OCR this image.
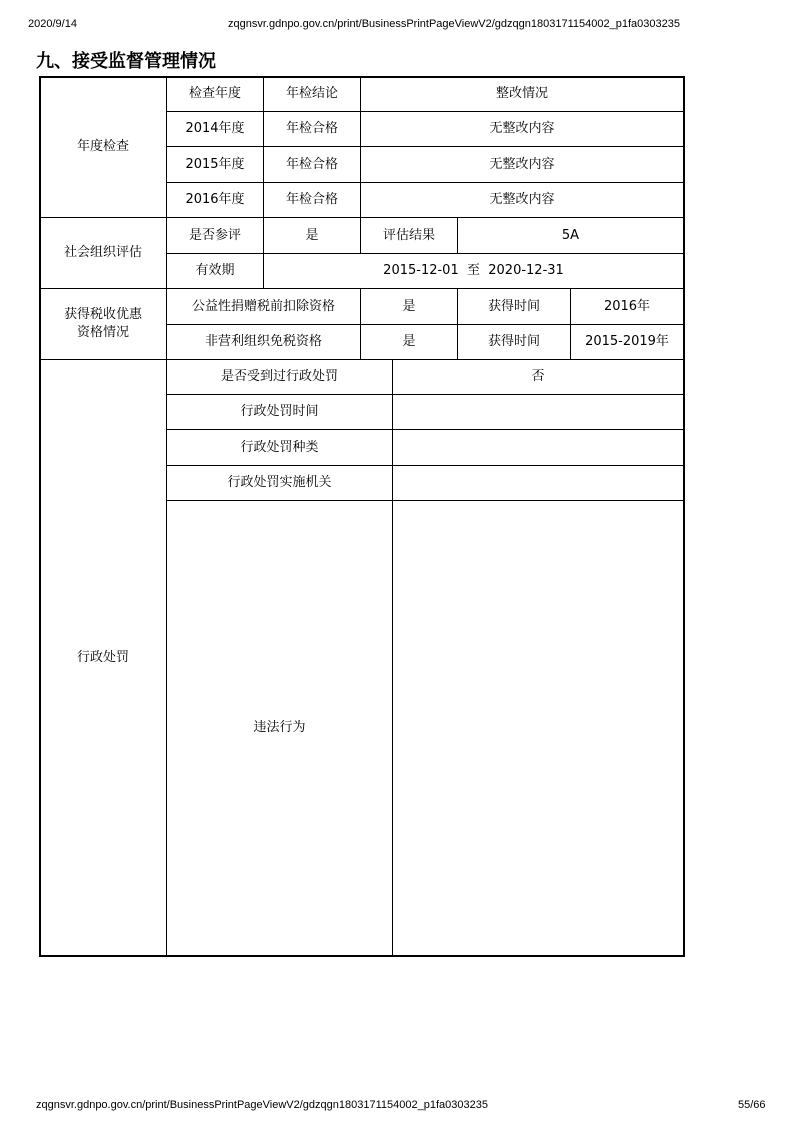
2020/9/14	zqgnsvr.gdnpo.gov.cn/print/BusinessPrintPageViewV2/gdzqgn1803171154002_p1fa0303235
zqgnsvr.gdnpo.gov.cn/print/BusinessPrintPageViewV2/gdzqgn1803171154002_p1fa0303235	55/66
九、接受监督管理情况
年度检查
检查年度	年检结论	整改情况
2014年度	年检合格	无整改内容
2015年度	年检合格	无整改内容
2016年度	年检合格	无整改内容
社会组织评估
是否参评	是	评估结果	5A
有效期	2015-12-01  至  2020-12-31
获得税收优惠资格情况
公益性捐赠税前扣除资格	是	获得时间	2016年
非营利组织免税资格	是	获得时间	2015-2019年
行政处罚
是否受到过行政处罚	否
行政处罚时间
行政处罚种类
行政处罚实施机关
违法行为
